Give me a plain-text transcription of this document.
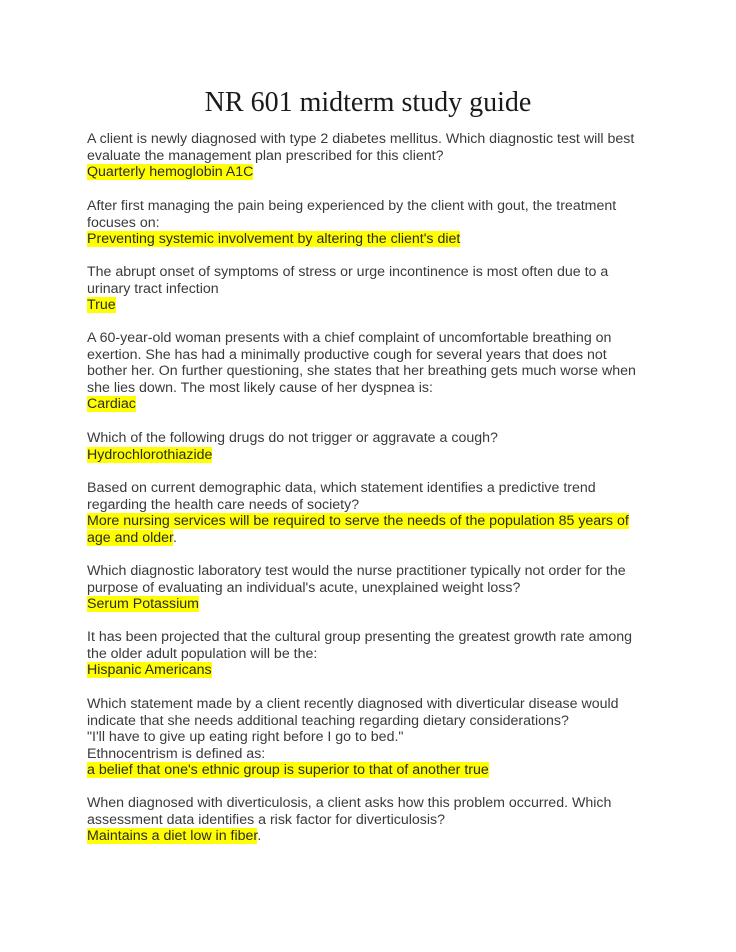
NR 601 midterm study guide

A client is newly diagnosed with type 2 diabetes mellitus. Which diagnostic test will best

evaluate the management plan prescribed for this client?

Quarterly hemoglobin A1C

After first managing the pain being experienced by the client with gout, the treatment

focuses on:

Preventing systemic involvement by altering the client's diet

The abrupt onset of symptoms of stress or urge incontinence is most often due to a

urinary tract infection

True

A 60-year-old woman presents with a chief complaint of uncomfortable breathing on

exertion. She has had a minimally productive cough for several years that does not

bother her. On further questioning, she states that her breathing gets much worse when

she lies down. The most likely cause of her dyspnea is:

Cardiac

Which of the following drugs do not trigger or aggravate a cough?

Hydrochlorothiazide

Based on current demographic data, which statement identifies a predictive trend

regarding the health care needs of society?

More nursing services will be required to serve the needs of the population 85 years of

age and older.

Which diagnostic laboratory test would the nurse practitioner typically not order for the

purpose of evaluating an individual's acute, unexplained weight loss?

Serum Potassium

It has been projected that the cultural group presenting the greatest growth rate among

the older adult population will be the:

Hispanic Americans

Which statement made by a client recently diagnosed with diverticular disease would

indicate that she needs additional teaching regarding dietary considerations?

"I'll have to give up eating right before I go to bed."

Ethnocentrism is defined as:

a belief that one's ethnic group is superior to that of another true

When diagnosed with diverticulosis, a client asks how this problem occurred. Which

assessment data identifies a risk factor for diverticulosis?

Maintains a diet low in fiber.
